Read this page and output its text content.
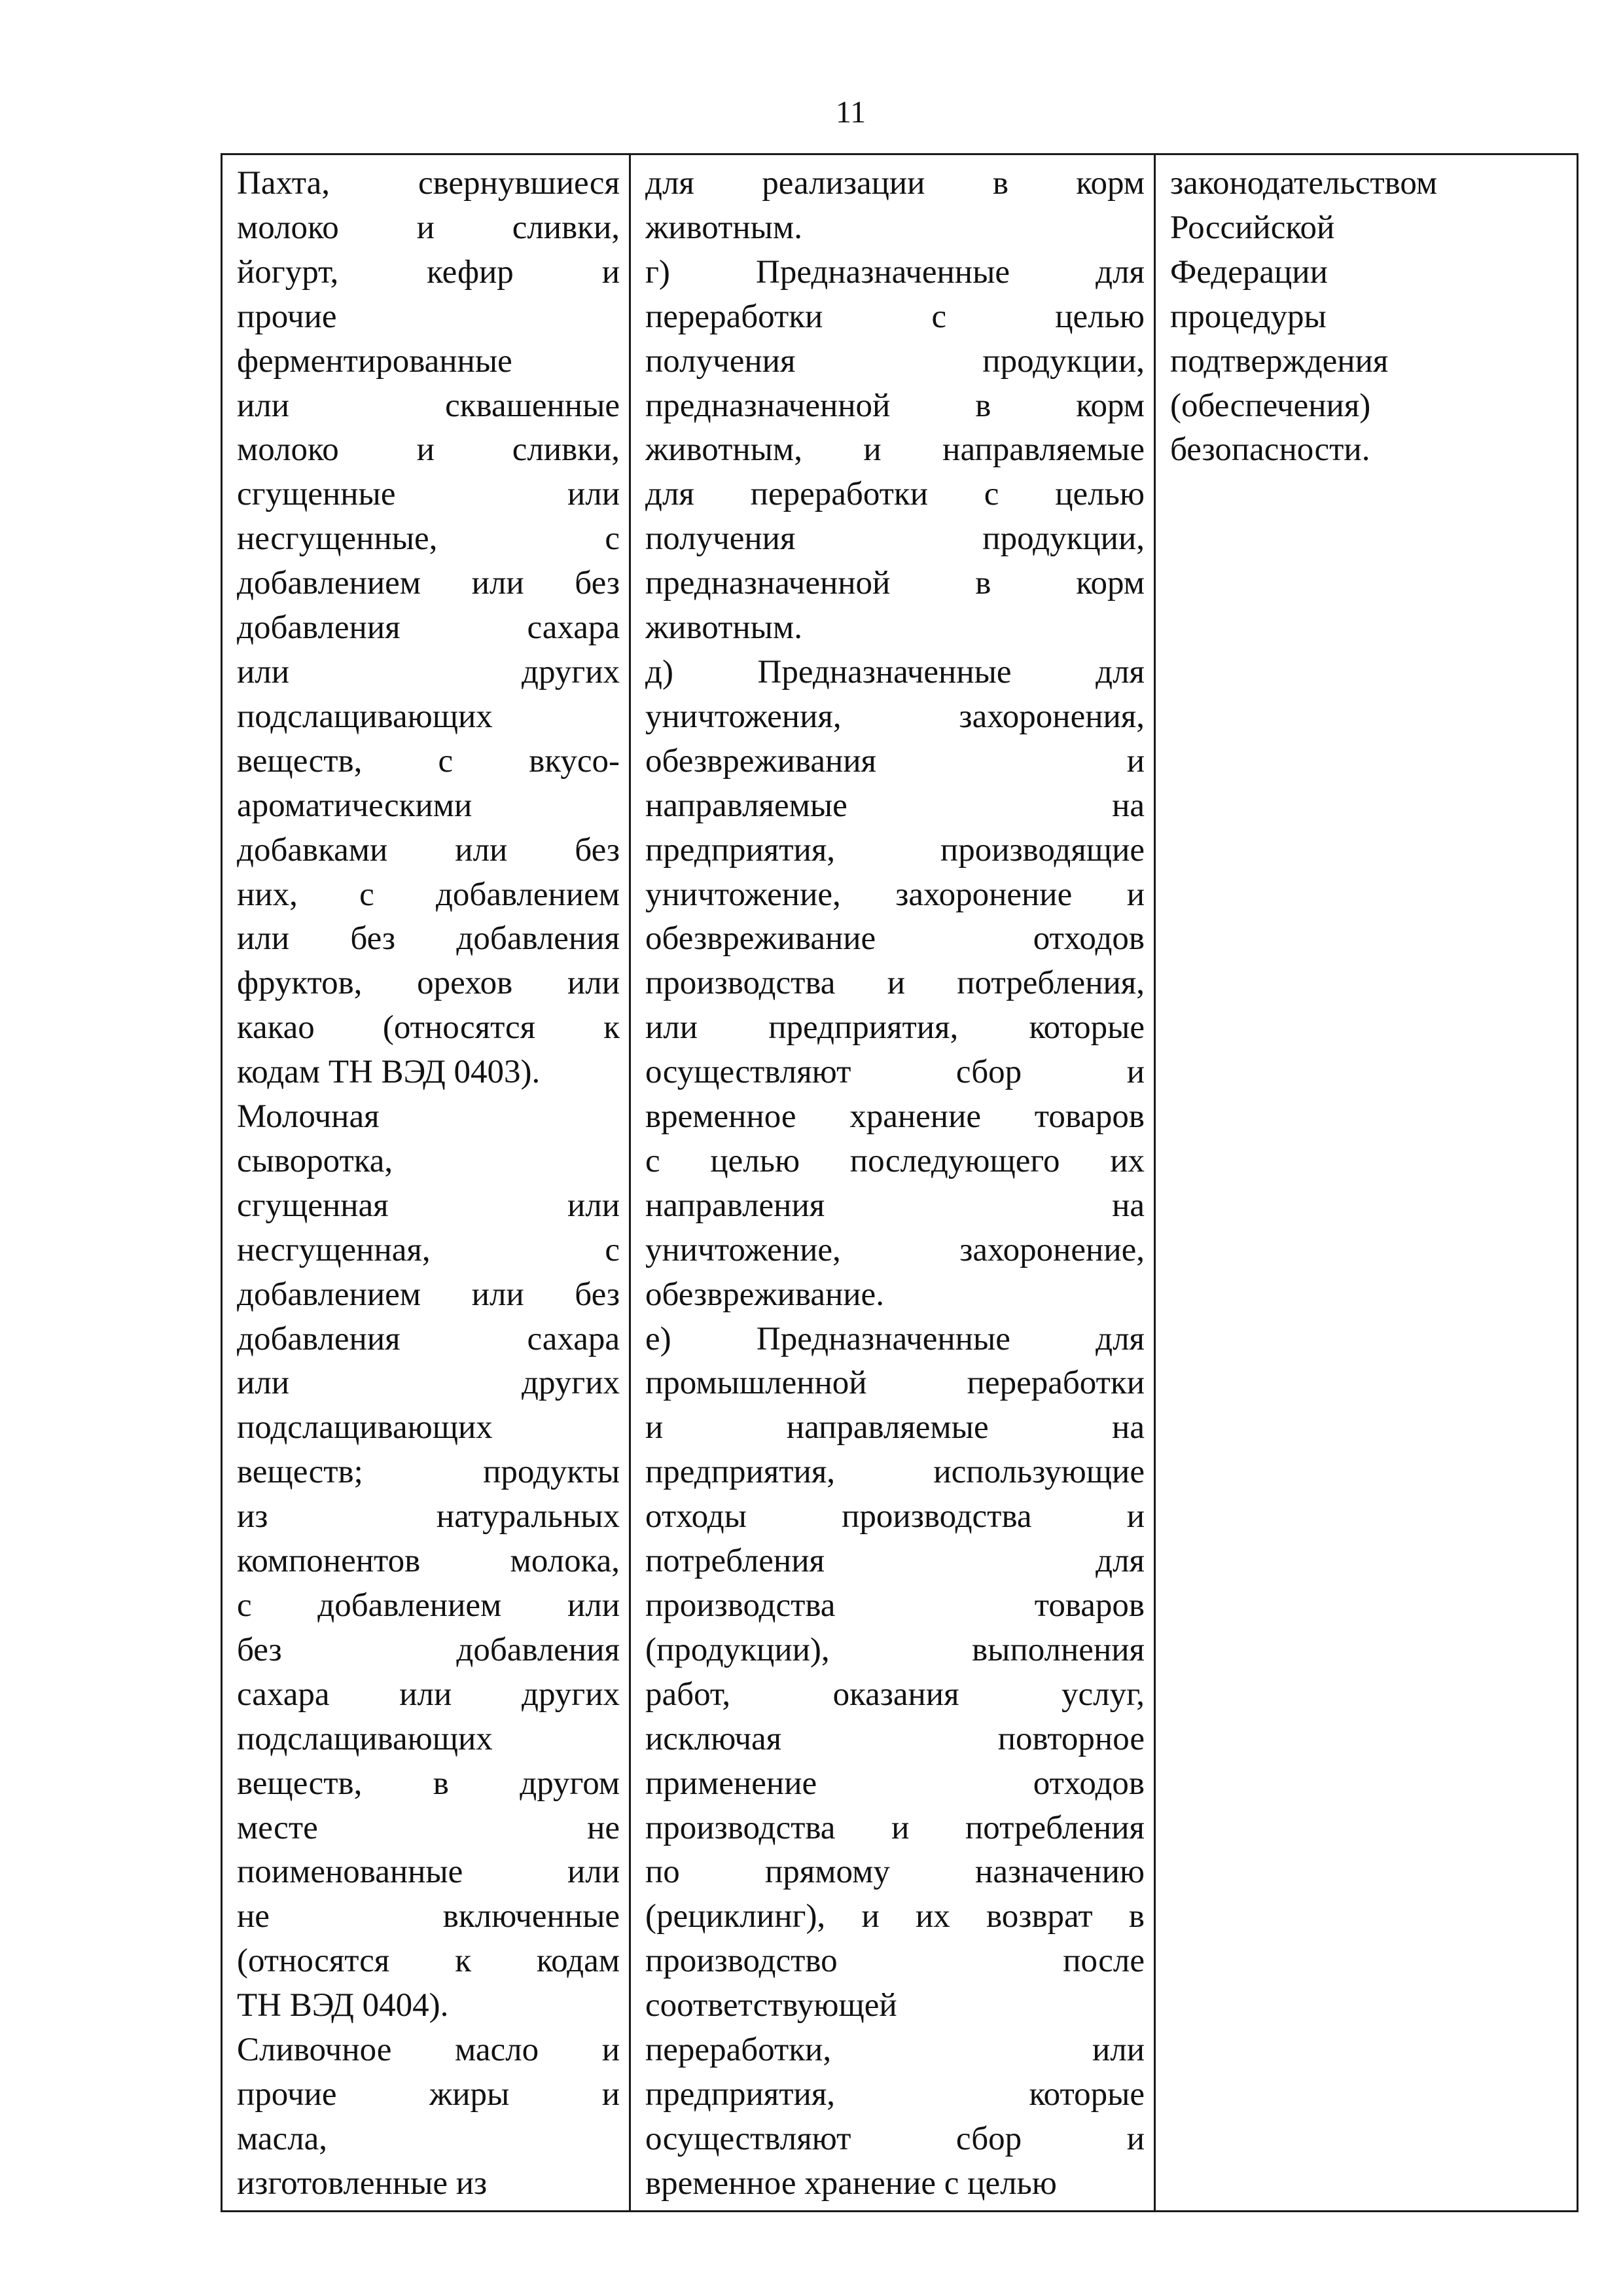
11
Пахта, свернувшиеся
молоко и сливки,
йогурт, кефир и
прочие
ферментированные
или сквашенные
молоко и сливки,
сгущенные или
несгущенные, с
добавлением или без
добавления сахара
или других
подслащивающих
веществ, с вкусо-
ароматическими
добавками или без
них, с добавлением
или без добавления
фруктов, орехов или
какао (относятся к
кодам ТН ВЭД 0403).
Молочная
сыворотка,
сгущенная или
несгущенная, с
добавлением или без
добавления сахара
или других
подслащивающих
веществ; продукты
из натуральных
компонентов молока,
с добавлением или
без добавления
сахара или других
подслащивающих
веществ, в другом
месте не
поименованные или
не включенные
(относятся к кодам
ТН ВЭД 0404).
Сливочное масло и
прочие жиры и
масла,
изготовленные из

для реализации в корм
животным.
г) Предназначенные для
переработки с целью
получения продукции,
предназначенной в корм
животным, и направляемые
для переработки с целью
получения продукции,
предназначенной в корм
животным.
д) Предназначенные для
уничтожения, захоронения,
обезвреживания и
направляемые на
предприятия, производящие
уничтожение, захоронение и
обезвреживание отходов
производства и потребления,
или предприятия, которые
осуществляют сбор и
временное хранение товаров
с целью последующего их
направления на
уничтожение, захоронение,
обезвреживание.
е) Предназначенные для
промышленной переработки
и направляемые на
предприятия, использующие
отходы производства и
потребления для
производства товаров
(продукции), выполнения
работ, оказания услуг,
исключая повторное
применение отходов
производства и потребления
по прямому назначению
(рециклинг), и их возврат в
производство после
соответствующей
переработки, или
предприятия, которые
осуществляют сбор и
временное хранение с целью

законодательством
Российской
Федерации
процедуры
подтверждения
(обеспечения)
безопасности.
